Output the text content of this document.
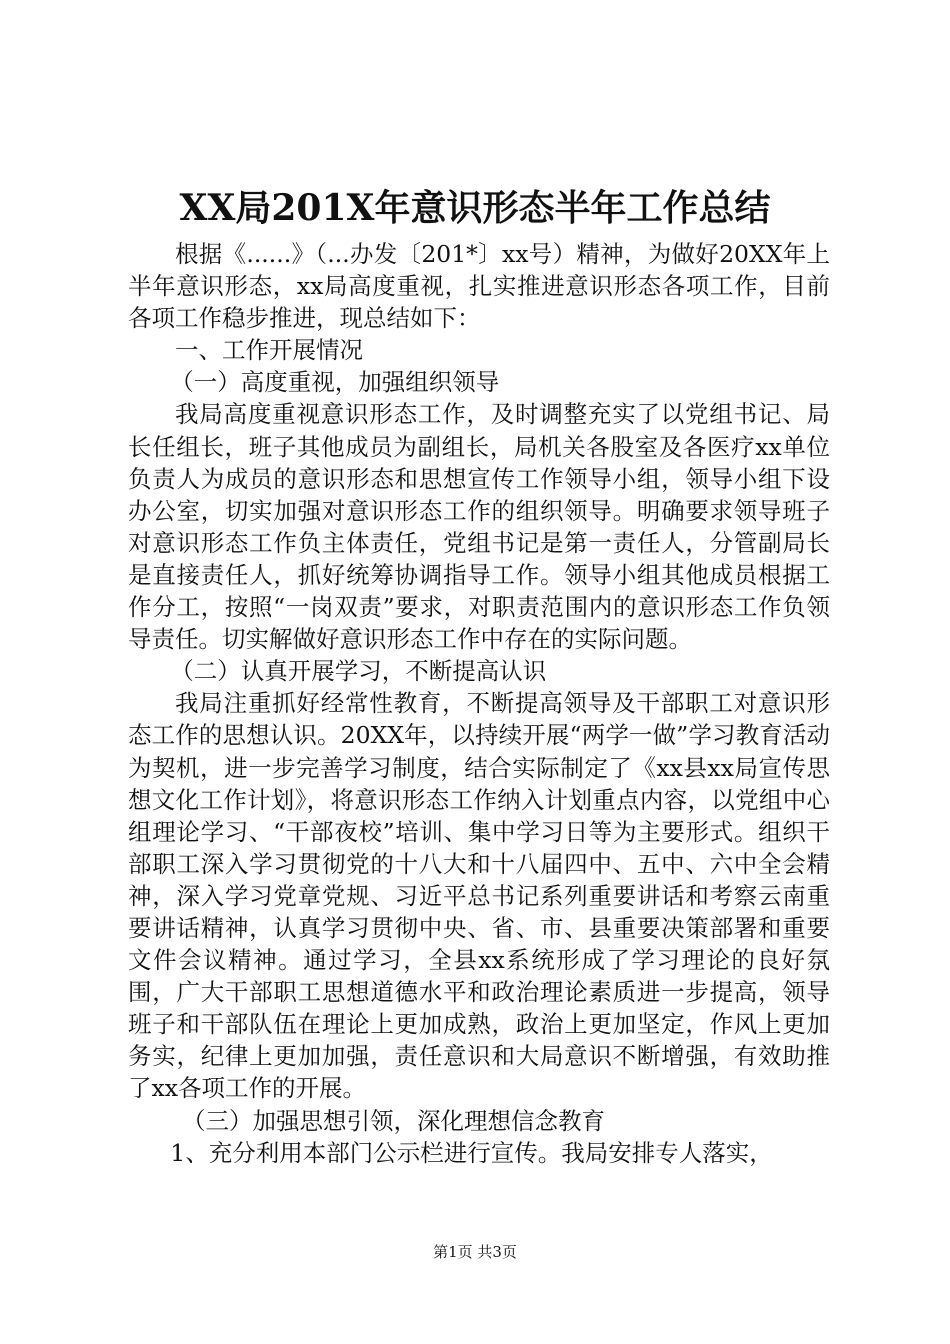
XX局201X年意识形态半年工作总结

根据《......》（...办发〔201*〕xx号）精神，为做好20XX年上半年意识形态，xx局高度重视，扎实推进意识形态各项工作，目前各项工作稳步推进，现总结如下：

一、工作开展情况

（一）高度重视，加强组织领导

我局高度重视意识形态工作，及时调整充实了以党组书记、局长任组长，班子其他成员为副组长，局机关各股室及各医疗xx单位负责人为成员的意识形态和思想宣传工作领导小组，领导小组下设办公室，切实加强对意识形态工作的组织领导。明确要求领导班子对意识形态工作负主体责任，党组书记是第一责任人，分管副局长是直接责任人，抓好统筹协调指导工作。领导小组其他成员根据工作分工，按照“一岗双责”要求，对职责范围内的意识形态工作负领导责任。切实解做好意识形态工作中存在的实际问题。

（二）认真开展学习，不断提高认识

我局注重抓好经常性教育，不断提高领导及干部职工对意识形态工作的思想认识。20XX年，以持续开展“两学一做”学习教育活动为契机，进一步完善学习制度，结合实际制定了《xx县xx局宣传思想文化工作计划》，将意识形态工作纳入计划重点内容，以党组中心组理论学习、“干部夜校”培训、集中学习日等为主要形式。组织干部职工深入学习贯彻党的十八大和十八届四中、五中、六中全会精神，深入学习党章党规、习近平总书记系列重要讲话和考察云南重要讲话精神，认真学习贯彻中央、省、市、县重要决策部署和重要文件会议精神。通过学习，全县xx系统形成了学习理论的良好氛围，广大干部职工思想道德水平和政治理论素质进一步提高，领导班子和干部队伍在理论上更加成熟，政治上更加坚定，作风上更加务实，纪律上更加加强，责任意识和大局意识不断增强，有效助推了xx各项工作的开展。

（三）加强思想引领，深化理想信念教育

1、充分利用本部门公示栏进行宣传。我局安排专人落实，

第1页 共3页
